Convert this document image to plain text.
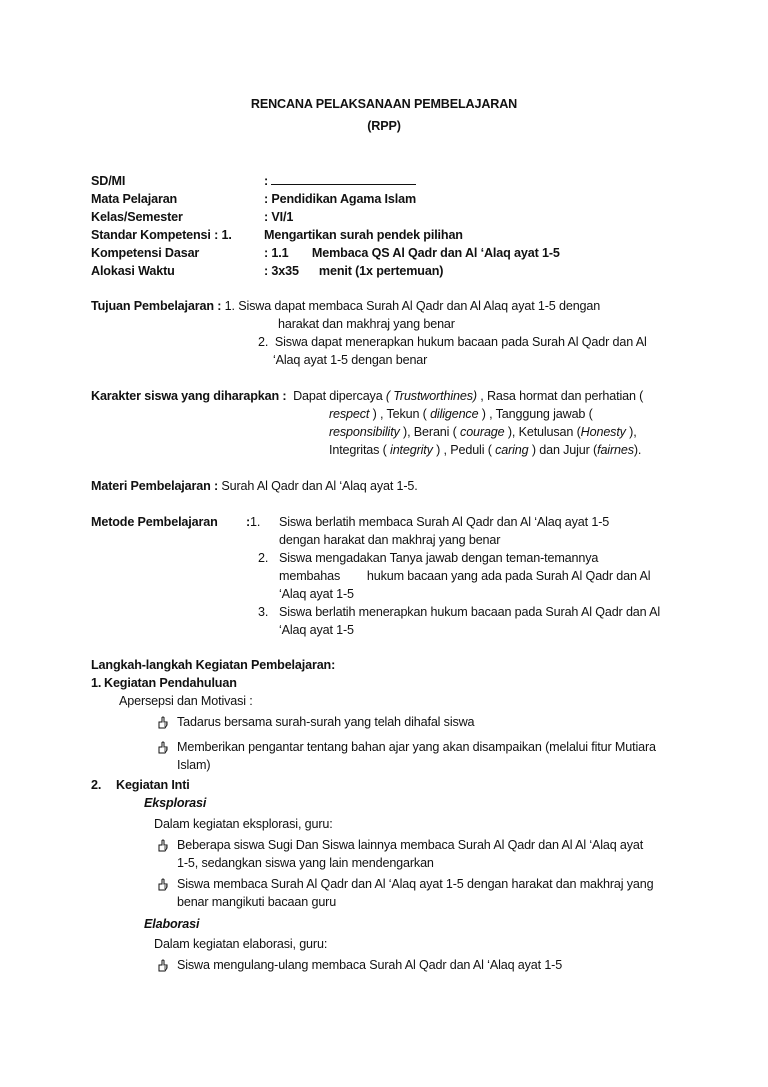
RENCANA PELAKSANAAN PEMBELAJARAN
(RPP)
SD/MI	:
Mata Pelajaran	: Pendidikan Agama Islam
Kelas/Semester	: VI/1
Standar Kompetensi : 1.	Mengartikan surah pendek pilihan
Kompetensi Dasar	: 1.1       Membaca QS Al Qadr dan Al ‘Alaq ayat 1-5
Alokasi Waktu	: 3x35      menit (1x pertemuan)
Tujuan Pembelajaran : 1. Siswa dapat membaca Surah Al Qadr dan Al Alaq ayat 1-5 dengan
harakat dan makhraj yang benar
2. Siswa dapat menerapkan hukum bacaan pada Surah Al Qadr dan Al
‘Alaq ayat 1-5 dengan benar
Karakter siswa yang diharapkan : Dapat dipercaya ( Trustworthines) , Rasa hormat dan perhatian (
respect ) , Tekun ( diligence ) , Tanggung jawab (
responsibility ), Berani ( courage ), Ketulusan (Honesty ),
Integritas ( integrity ) , Peduli ( caring ) dan Jujur (fairnes).
Materi Pembelajaran : Surah Al Qadr dan Al ‘Alaq ayat 1-5.
Metode Pembelajaran :1. Siswa berlatih membaca Surah Al Qadr dan Al ‘Alaq ayat 1-5
dengan harakat dan makhraj yang benar
2. Siswa mengadakan Tanya jawab dengan teman-temannya
membahas        hukum bacaan yang ada pada Surah Al Qadr dan Al
‘Alaq ayat 1-5
3. Siswa berlatih menerapkan hukum bacaan pada Surah Al Qadr dan Al
‘Alaq ayat 1-5
Langkah-langkah Kegiatan Pembelajaran:
1. Kegiatan Pendahuluan
Apersepsi dan Motivasi :
Tadarus bersama surah-surah yang telah dihafal siswa
Memberikan pengantar tentang bahan ajar yang akan disampaikan (melalui fitur Mutiara
Islam)
2. Kegiatan Inti
Eksplorasi
Dalam kegiatan eksplorasi, guru:
Beberapa siswa Sugi Dan Siswa lainnya membaca Surah Al Qadr dan Al Al ‘Alaq ayat
1-5, sedangkan siswa yang lain mendengarkan
Siswa membaca Surah Al Qadr dan Al ‘Alaq ayat 1-5 dengan harakat dan makhraj yang
benar mangikuti bacaan guru
Elaborasi
Dalam kegiatan elaborasi, guru:
Siswa mengulang-ulang membaca Surah Al Qadr dan Al ‘Alaq ayat 1-5
